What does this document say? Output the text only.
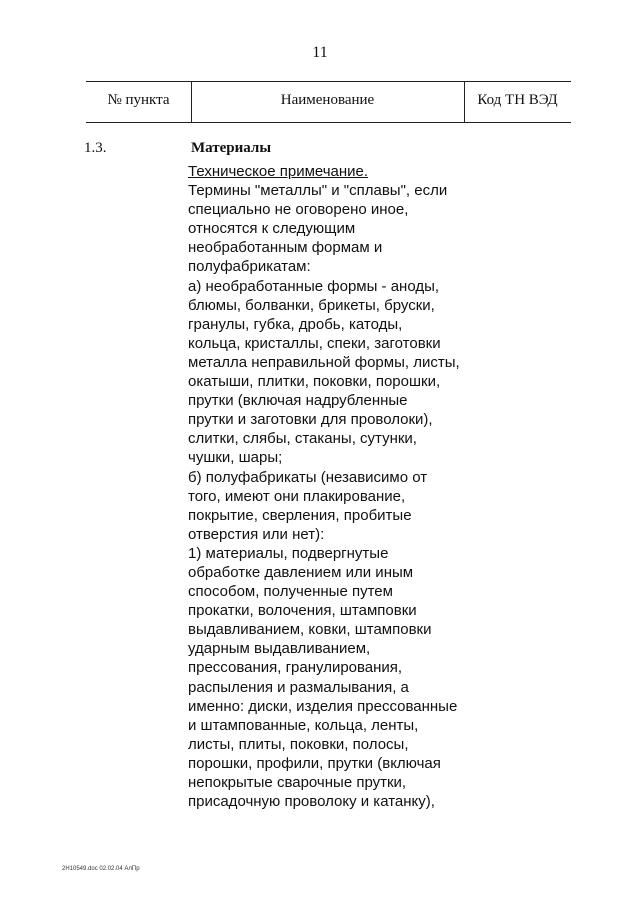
11
№ пункта	Наименование	Код ТН ВЭД
1.3.	Материалы
Техническое примечание.
Термины "металлы" и "сплавы", если
специально не оговорено иное,
относятся к следующим
необработанным формам и
полуфабрикатам:
а) необработанные формы - аноды,
блюмы, болванки, брикеты, бруски,
гранулы, губка, дробь, катоды,
кольца, кристаллы, спеки, заготовки
металла неправильной формы, листы,
окатыши, плитки, поковки, порошки,
прутки (включая надрубленные
прутки и заготовки для проволоки),
слитки, слябы, стаканы, сутунки,
чушки, шары;
б) полуфабрикаты (независимо от
того, имеют они плакирование,
покрытие, сверления, пробитые
отверстия или нет):
1) материалы, подвергнутые
обработке давлением или иным
способом, полученные путем
прокатки, волочения, штамповки
выдавливанием, ковки, штамповки
ударным выдавливанием,
прессования, гранулирования,
распыления и размалывания, а
именно: диски, изделия прессованные
и штампованные, кольца, ленты,
листы, плиты, поковки, полосы,
порошки, профили, прутки (включая
непокрытые сварочные прутки,
присадочную проволоку и катанку),
2Н10549.doc 02.02.04 АлПр
